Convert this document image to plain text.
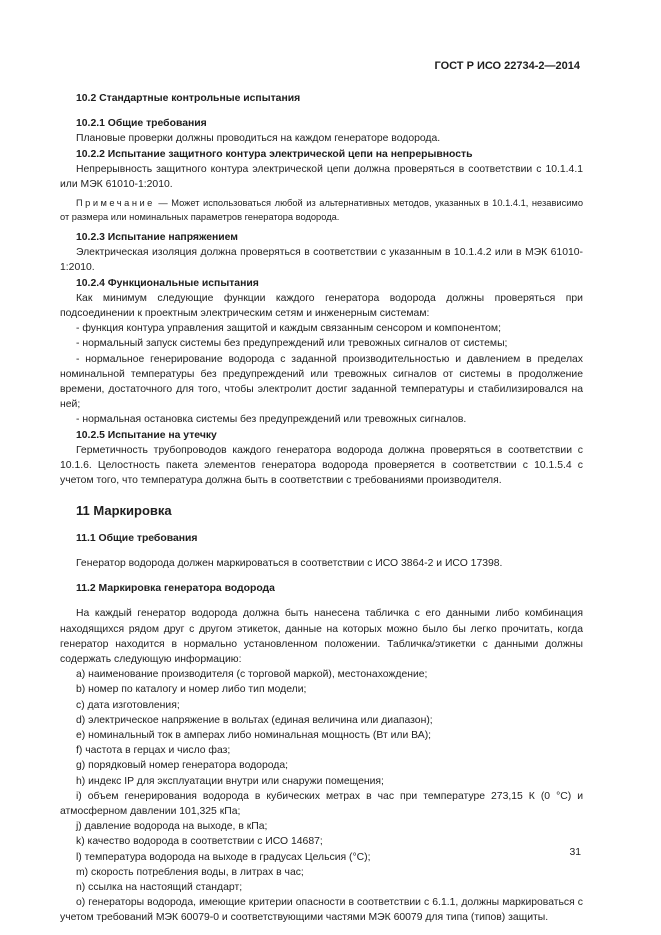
ГОСТ Р ИСО 22734-2—2014

10.2 Стандартные контрольные испытания

10.2.1 Общие требования

Плановые проверки должны проводиться на каждом генераторе водорода.

10.2.2 Испытание защитного контура электрической цепи на непрерывность

Непрерывность защитного контура электрической цепи должна проверяться в соответствии с 10.1.4.1 или МЭК 61010-1:2010.

Примечание — Может использоваться любой из альтернативных методов, указанных в 10.1.4.1, независимо от размера или номинальных параметров генератора водорода.

10.2.3 Испытание напряжением

Электрическая изоляция должна проверяться в соответствии с указанным в 10.1.4.2 или в МЭК 61010-1:2010.

10.2.4 Функциональные испытания

Как минимум следующие функции каждого генератора водорода должны проверяться при подсоединении к проектным электрическим сетям и инженерным системам:

- функция контура управления защитой и каждым связанным сенсором и компонентом;

- нормальный запуск системы без предупреждений или тревожных сигналов от системы;

- нормальное генерирование водорода с заданной производительностью и давлением в пределах номинальной температуры без предупреждений или тревожных сигналов от системы в продолжение времени, достаточного для того, чтобы электролит достиг заданной температуры и стабилизировался на ней;

- нормальная остановка системы без предупреждений или тревожных сигналов.

10.2.5 Испытание на утечку

Герметичность трубопроводов каждого генератора водорода должна проверяться в соответствии с 10.1.6. Целостность пакета элементов генератора водорода проверяется в соответствии с 10.1.5.4 с учетом того, что температура должна быть в соответствии с требованиями производителя.

11 Маркировка

11.1 Общие требования

Генератор водорода должен маркироваться в соответствии с ИСО 3864-2 и ИСО 17398.

11.2 Маркировка генератора водорода

На каждый генератор водорода должна быть нанесена табличка с его данными либо комбинация находящихся рядом друг с другом этикеток, данные на которых можно было бы легко прочитать, когда генератор находится в нормально установленном положении. Табличка/этикетки с данными должны содержать следующую информацию:

a) наименование производителя (с торговой маркой), местонахождение;

b) номер по каталогу и номер либо тип модели;

c) дата изготовления;

d) электрическое напряжение в вольтах (единая величина или диапазон);

e) номинальный ток в амперах либо номинальная мощность (Вт или ВА);

f) частота в герцах и число фаз;

g) порядковый номер генератора водорода;

h) индекс IP для эксплуатации внутри или снаружи помещения;

i) объем генерирования водорода в кубических метрах в час при температуре 273,15 К (0 °С) и атмосферном давлении 101,325 кПа;

j) давление водорода на выходе, в кПа;

k) качество водорода в соответствии с ИСО 14687;

l) температура водорода на выходе в градусах Цельсия (°С);

m) скорость потребления воды, в литрах в час;

n) ссылка на настоящий стандарт;

o) генераторы водорода, имеющие критерии опасности в соответствии с 6.1.1, должны маркироваться с учетом требований МЭК 60079-0 и соответствующими частями МЭК 60079 для типа (типов) защиты.

31
